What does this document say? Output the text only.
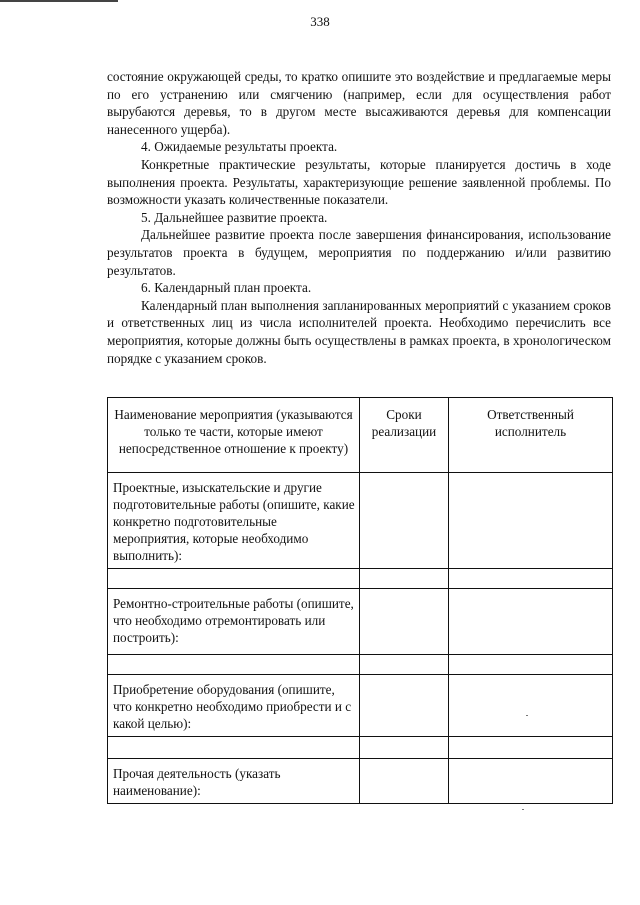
338

состояние окружающей среды, то кратко опишите это воздействие и предлагаемые меры по его устранению или смягчению (например, если для осуществления работ вырубаются деревья, то в другом месте высаживаются деревья для компенсации нанесенного ущерба).

4. Ожидаемые результаты проекта.

Конкретные практические результаты, которые планируется достичь в ходе выполнения проекта. Результаты, характеризующие решение заявленной проблемы. По возможности указать количественные показатели.

5. Дальнейшее развитие проекта.

Дальнейшее развитие проекта после завершения финансирования, использование результатов проекта в будущем, мероприятия по поддержанию и/или развитию результатов.

6. Календарный план проекта.

Календарный план выполнения запланированных мероприятий с указанием сроков и ответственных лиц из числа исполнителей проекта. Необходимо перечислить все мероприятия, которые должны быть осуществлены в рамках проекта, в хронологическом порядке с указанием сроков.

Наименование мероприятия (указываются только те части, которые имеют непосредственное отношение к проекту)	Сроки реализации	Ответственный исполнитель
Проектные, изыскательские и другие подготовительные работы (опишите, какие конкретно подготовительные мероприятия, которые необходимо выполнить):		

Ремонтно-строительные работы (опишите, что необходимо отремонтировать или построить):		

Приобретение оборудования (опишите, что конкретно необходимо приобрести и с какой целью):		

Прочая деятельность (указать наименование):		
